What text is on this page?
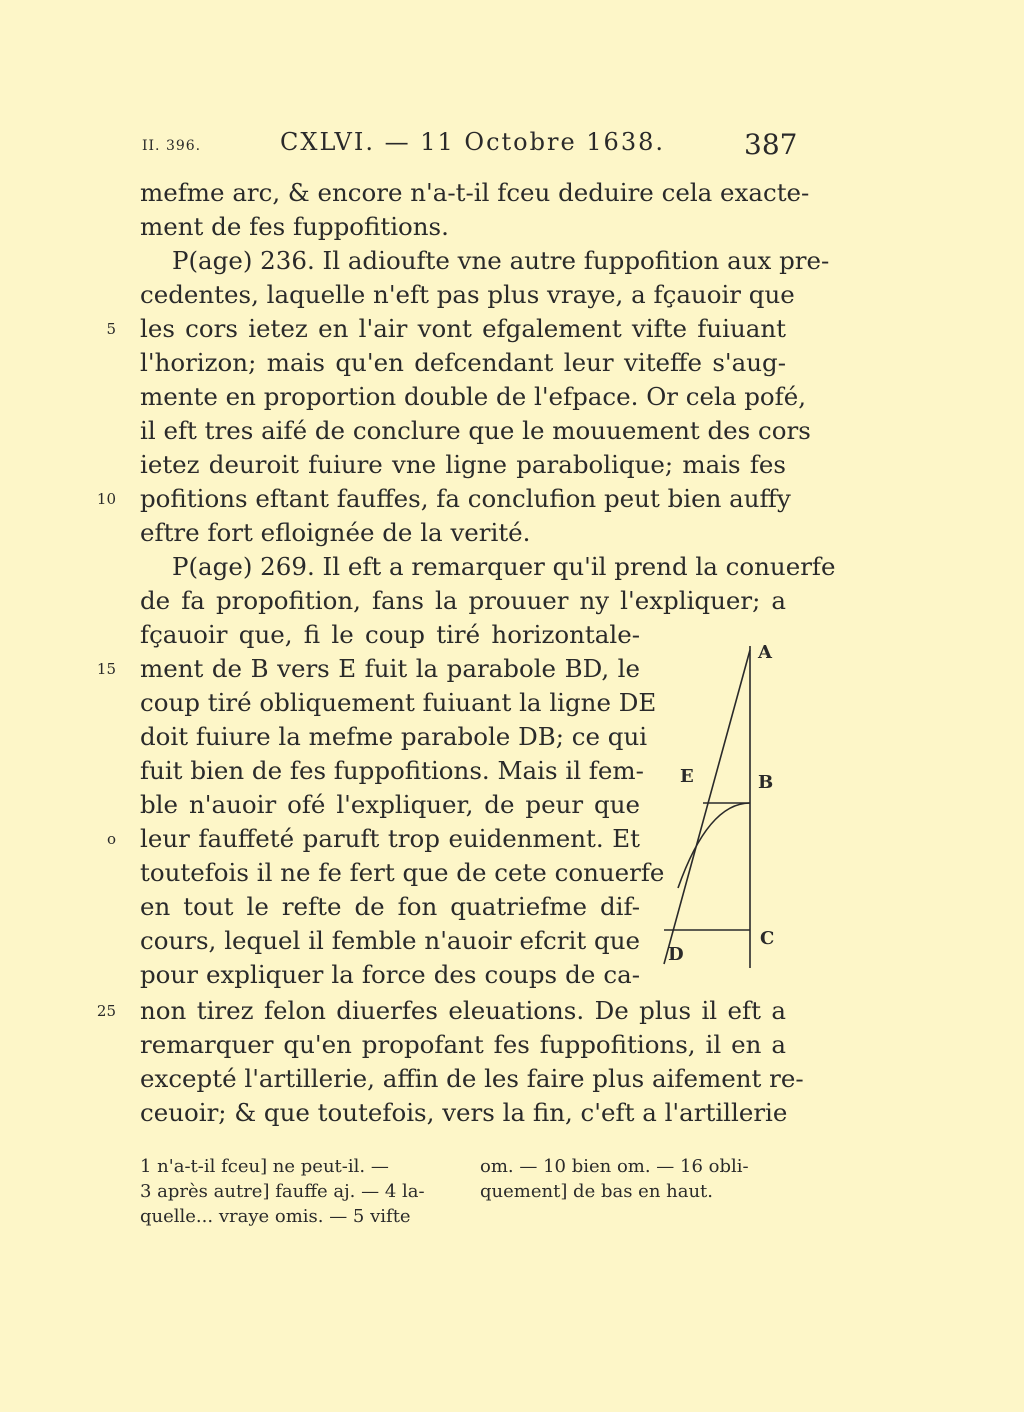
II. 396.	CXLVI. — 11 Octobre 1638.	387
mefme arc, & encore n'a-t-il fceu deduire cela exacte-
ment de fes fuppofitions.
P(age) 236. Il adioufte vne autre fuppofition aux pre-
cedentes, laquelle n'eft pas plus vraye, a fçauoir que
les cors ietez en l'air vont efgalement vifte fuiuant
l'horizon; mais qu'en defcendant leur viteffe s'aug-
mente en proportion double de l'efpace. Or cela pofé,
il eft tres aifé de conclure que le mouuement des cors
ietez deuroit fuiure vne ligne parabolique; mais fes
pofitions eftant fauffes, fa conclufion peut bien auffy
eftre fort efloignée de la verité.
P(age) 269. Il eft a remarquer qu'il prend la conuerfe
de fa propofition, fans la prouuer ny l'expliquer; a
fçauoir que, fi le coup tiré horizontale-
ment de B vers E fuit la parabole BD, le
coup tiré obliquement fuiuant la ligne DE
doit fuiure la mefme parabole DB; ce qui
fuit bien de fes fuppofitions. Mais il fem-
ble n'auoir ofé l'expliquer, de peur que
leur fauffeté paruft trop euidenment. Et
toutefois il ne fe fert que de cete conuerfe
en tout le refte de fon quatriefme dif-
cours, lequel il femble n'auoir efcrit que
pour expliquer la force des coups de ca-
non tirez felon diuerfes eleuations. De plus il eft a
remarquer qu'en propofant fes fuppofitions, il en a
excepté l'artillerie, affin de les faire plus aifement re-
ceuoir; & que toutefois, vers la fin, c'eft a l'artillerie
5
10
15
o
25
A
B
C
D
E
1 n'a-t-il fceu] ne peut-il. —
3 après autre] fauffe aj. — 4 la-
quelle... vraye omis. — 5 vifte
om. — 10 bien om. — 16 obli-
quement] de bas en haut.
